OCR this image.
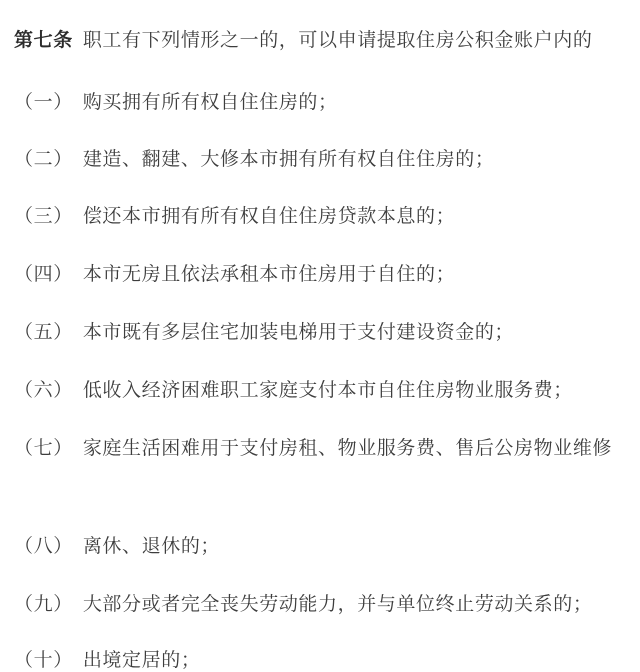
第七条 职工有下列情形之一的，可以申请提取住房公积金账户内的
（一） 购买拥有所有权自住住房的；
（二） 建造、翻建、大修本市拥有所有权自住住房的；
（三） 偿还本市拥有所有权自住住房贷款本息的；
（四） 本市无房且依法承租本市住房用于自住的；
（五） 本市既有多层住宅加装电梯用于支付建设资金的；
（六） 低收入经济困难职工家庭支付本市自住住房物业服务费；
（七） 家庭生活困难用于支付房租、物业服务费、售后公房物业维修
（八） 离休、退休的；
（九） 大部分或者完全丧失劳动能力，并与单位终止劳动关系的；
（十） 出境定居的；
